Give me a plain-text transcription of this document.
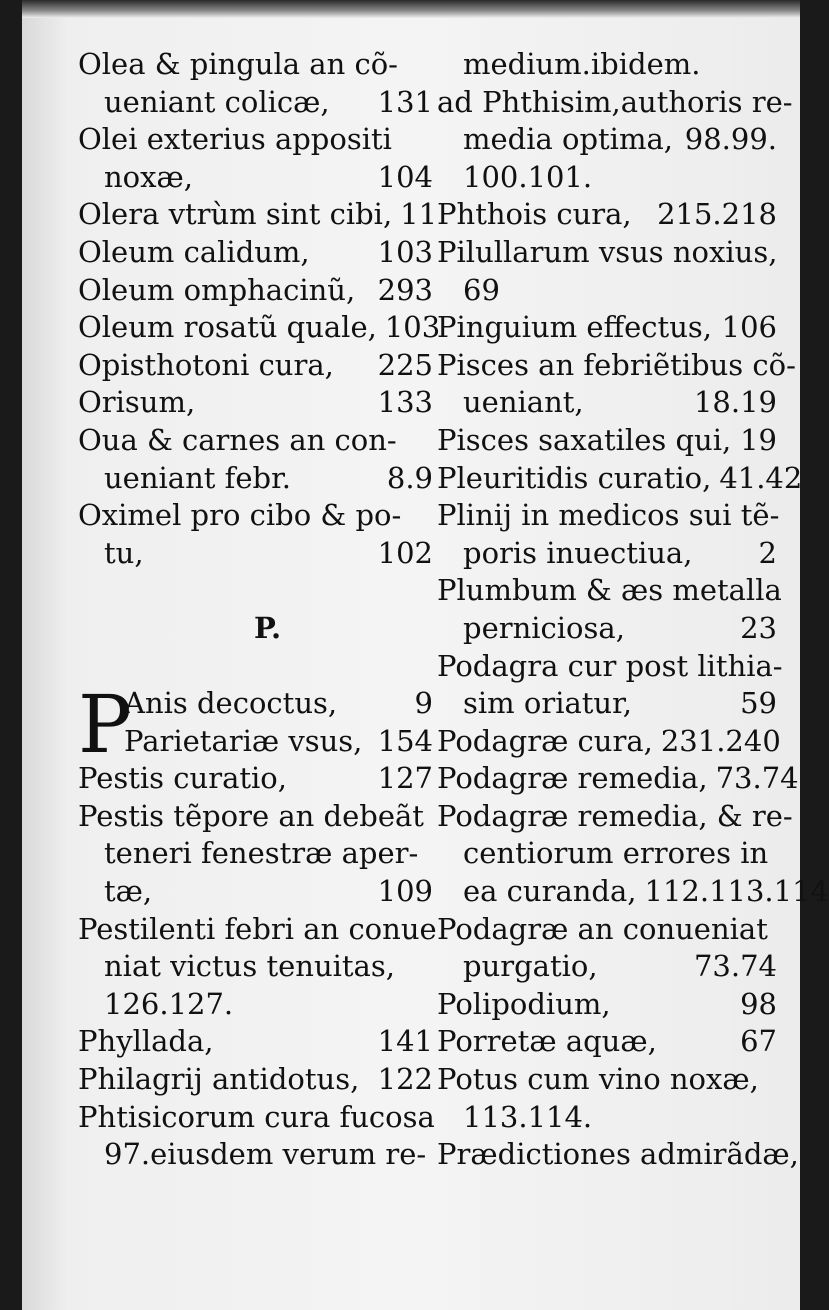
Olea & pingula an cõ-
ueniant colicæ, 131
Olei exterius appositi
noxæ,	104
Olera vtrùm sint cibi, 11
Oleum calidum, 103
Oleum omphacinũ, 293
Oleum rosatũ quale, 103
Opisthotoni cura, 225
Orisum,	133
Oua & carnes an con-
ueniant febr.	8.9
Oximel pro cibo & po-
tu,	102
P.
P
Anis decoctus,	9
Parietariæ vsus, 154
Pestis curatio,	127
Pestis tẽpore an debeãt
teneri fenestræ aper-
tæ,	109
Pestilenti febri an conue
niat victus tenuitas,
126.127.
Phyllada,	141
Philagrij antidotus, 122
Phtisicorum cura fucosa
97.eiusdem verum re-
medium.ibidem.
ad Phthisim,authoris re-
media optima, 98.99.
100.101.
Phthois cura, 215.218
Pilullarum vsus noxius,
69
Pinguium effectus, 106
Pisces an febriẽtibus cõ-
ueniant,	18.19
Pisces saxatiles qui, 19
Pleuritidis curatio, 41.42
Plinij in medicos sui tẽ-
poris inuectiua, 2
Plumbum & æs metalla
perniciosa,	23
Podagra cur post lithia-
sim oriatur,	59
Podagræ cura, 231.240
Podagræ remedia, 73.74
Podagræ remedia, & re-
centiorum errores in
ea curanda, 112.113.114
Podagræ an conueniat
purgatio,	73.74
Polipodium,	98
Porretæ aquæ,	67
Potus cum vino noxæ,
113.114.
Prædictiones admirãdæ,
